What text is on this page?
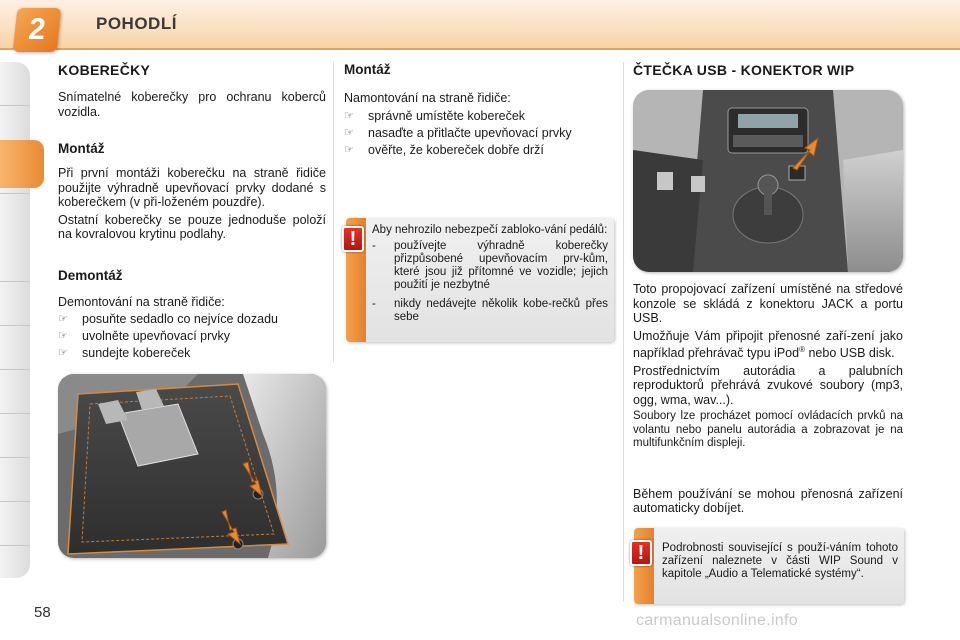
2	POHODLÍ
58
KOBEREČKY

Snímatelné koberečky pro ochranu koberců vozidla.

Montáž

Při první montáži koberečku na straně řidiče použijte výhradně upevňovací prvky dodané s koberečkem (v při-loženém pouzdře).

Ostatní koberečky se pouze jednoduše položí na kovralovou krytinu podlahy.

Demontáž

Demontování na straně řidiče:

☞ posuňte sedadlo co nejvíce dozadu
☞ uvolněte upevňovací prvky
☞ sundejte kobereček
Montáž

Namontování na straně řidiče:

☞ správně umístěte kobereček
☞ nasaďte a přitlačte upevňovací prvky
☞ ověřte, že kobereček dobře drží
!	Aby nehrozilo nebezpečí zabloko-vání pedálů:
- používejte výhradně koberečky přizpůsobené upevňovacím prv-kům, které jsou již přítomné ve vozidle; jejich použití je nezbytné
- nikdy nedávejte několik kobe-rečků přes sebe
ČTEČKA USB - KONEKTOR WIP

Toto propojovací zařízení umístěné na středové konzole se skládá z konektoru JACK a portu USB.

Umožňuje Vám připojit přenosné zaří-zení jako například přehrávač typu iPod® nebo USB disk.

Prostřednictvím autorádia a palubních reproduktorů přehrává zvukové soubory (mp3, ogg, wma, wav...).

Soubory lze procházet pomocí ovládacích prvků na volantu nebo panelu autorádia a zobrazovat je na multifunkčním displeji.

Během používání se mohou přenosná zařízení automaticky dobíjet.

!	Podrobnosti související s použí-váním tohoto zařízení naleznete v části WIP Sound v kapitole „Audio a Telematické systémy“.
carmanualsonline.info
